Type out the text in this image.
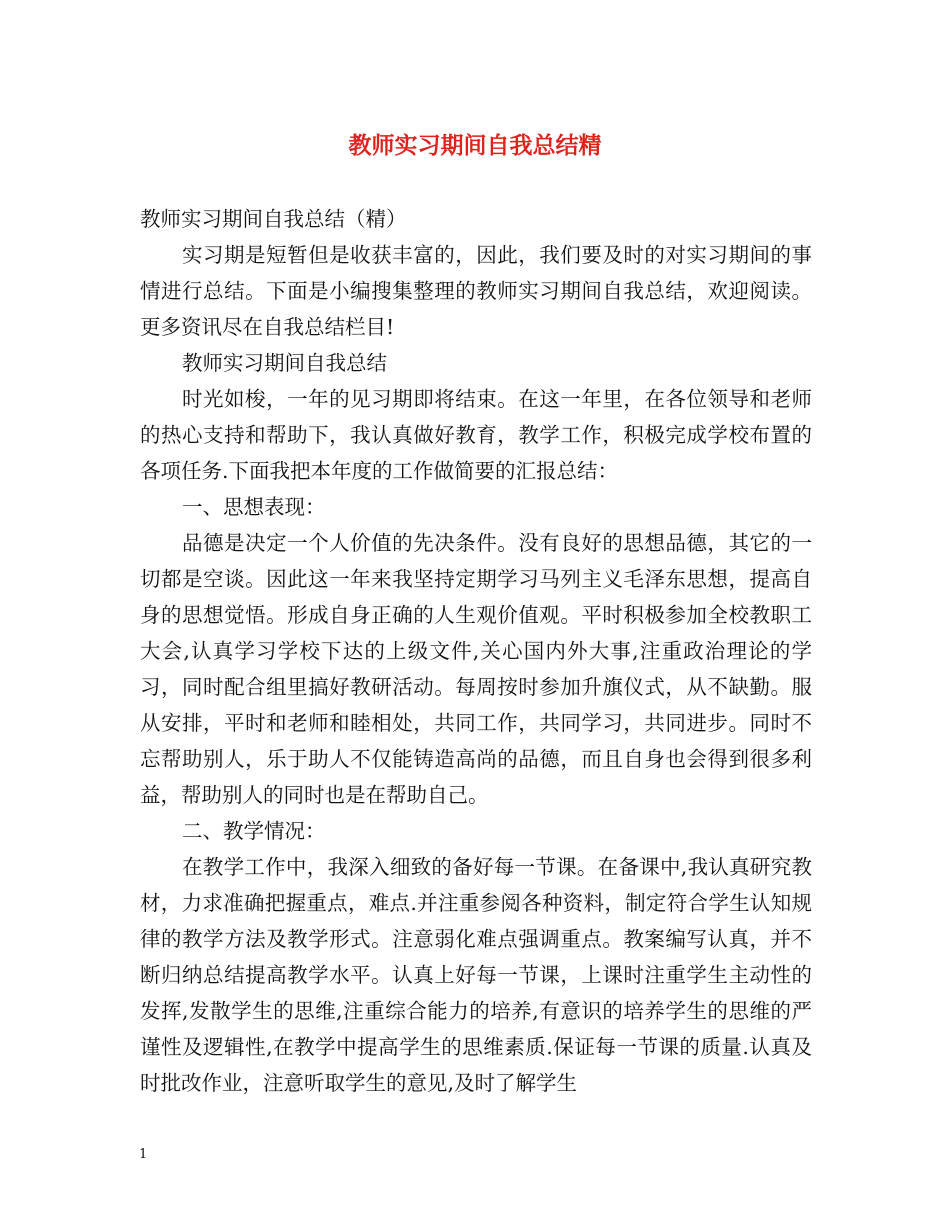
教师实习期间自我总结精

教师实习期间自我总结（精）

实习期是短暂但是收获丰富的，因此，我们要及时的对实习期间的事情进行总结。下面是小编搜集整理的教师实习期间自我总结，欢迎阅读。更多资讯尽在自我总结栏目!

教师实习期间自我总结

时光如梭，一年的见习期即将结束。在这一年里，在各位领导和老师的热心支持和帮助下，我认真做好教育，教学工作，积极完成学校布置的各项任务.下面我把本年度的工作做简要的汇报总结：

一、思想表现：

品德是决定一个人价值的先决条件。没有良好的思想品德，其它的一切都是空谈。因此这一年来我坚持定期学习马列主义毛泽东思想，提高自身的思想觉悟。形成自身正确的人生观价值观。平时积极参加全校教职工大会,认真学习学校下达的上级文件,关心国内外大事,注重政治理论的学习，同时配合组里搞好教研活动。每周按时参加升旗仪式，从不缺勤。服从安排，平时和老师和睦相处，共同工作，共同学习，共同进步。同时不忘帮助别人，乐于助人不仅能铸造高尚的品德，而且自身也会得到很多利益，帮助别人的同时也是在帮助自己。

二、教学情况：

在教学工作中，我深入细致的备好每一节课。在备课中,我认真研究教材，力求准确把握重点，难点.并注重参阅各种资料，制定符合学生认知规律的教学方法及教学形式。注意弱化难点强调重点。教案编写认真，并不断归纳总结提高教学水平。认真上好每一节课，上课时注重学生主动性的发挥,发散学生的思维,注重综合能力的培养,有意识的培养学生的思维的严谨性及逻辑性,在教学中提高学生的思维素质.保证每一节课的质量.认真及时批改作业，注意听取学生的意见,及时了解学生

1
